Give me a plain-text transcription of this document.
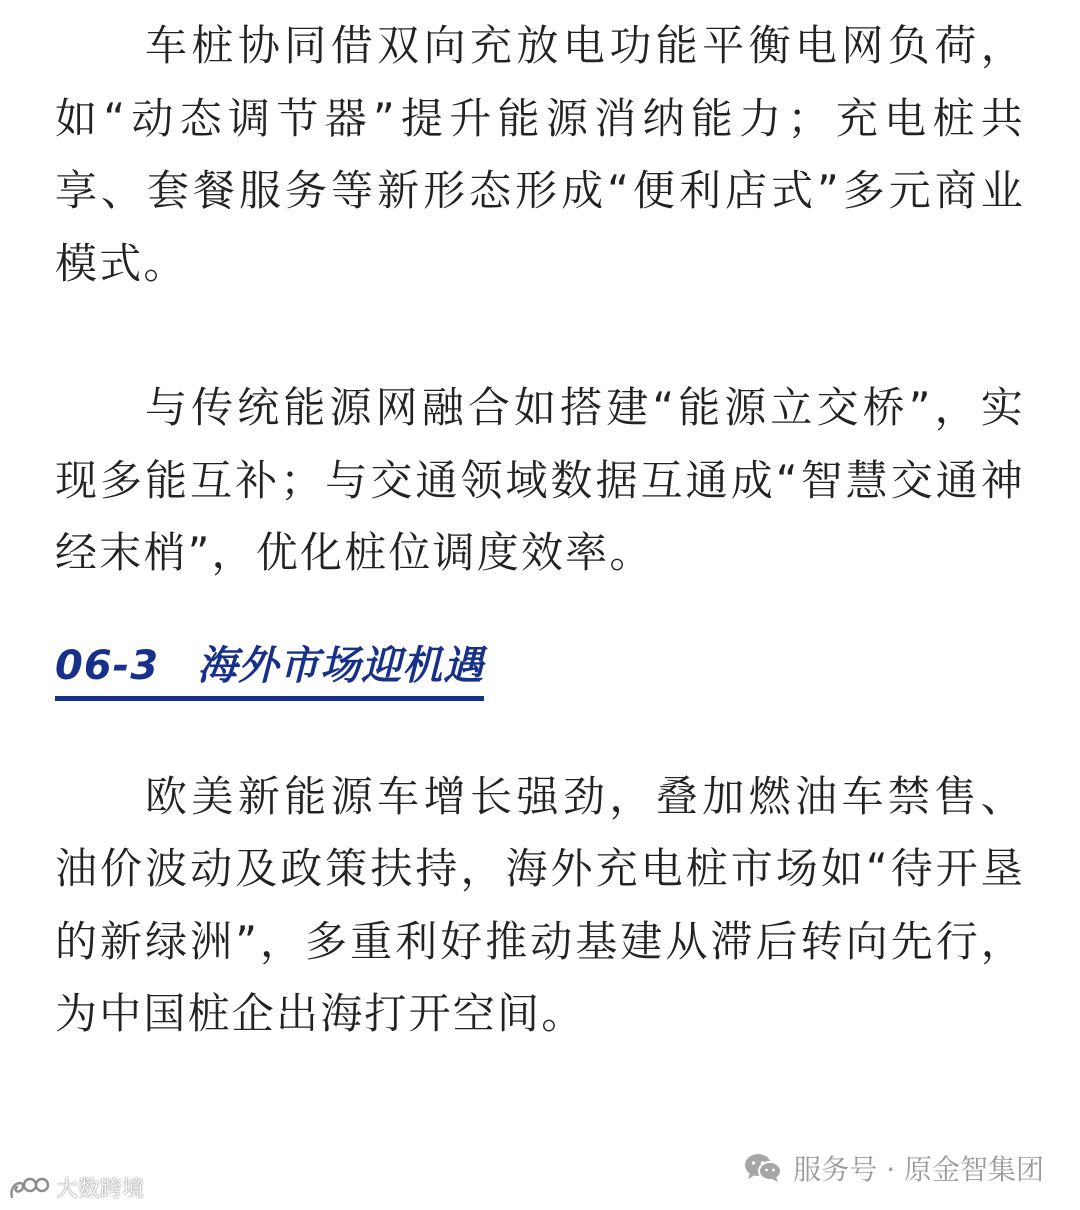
车桩协同借双向充放电功能平衡电网负荷，如“动态调节器”提升能源消纳能力；充电桩共享、套餐服务等新形态形成“便利店式”多元商业模式。

与传统能源网融合如搭建“能源立交桥”，实现多能互补；与交通领域数据互通成“智慧交通神经末梢”，优化桩位调度效率。

06-3 海外市场迎机遇

欧美新能源车增长强劲，叠加燃油车禁售、油价波动及政策扶持，海外充电桩市场如“待开垦的新绿洲”，多重利好推动基建从滞后转向先行，为中国桩企出海打开空间。

服务号 · 原金智集团
大数跨境
